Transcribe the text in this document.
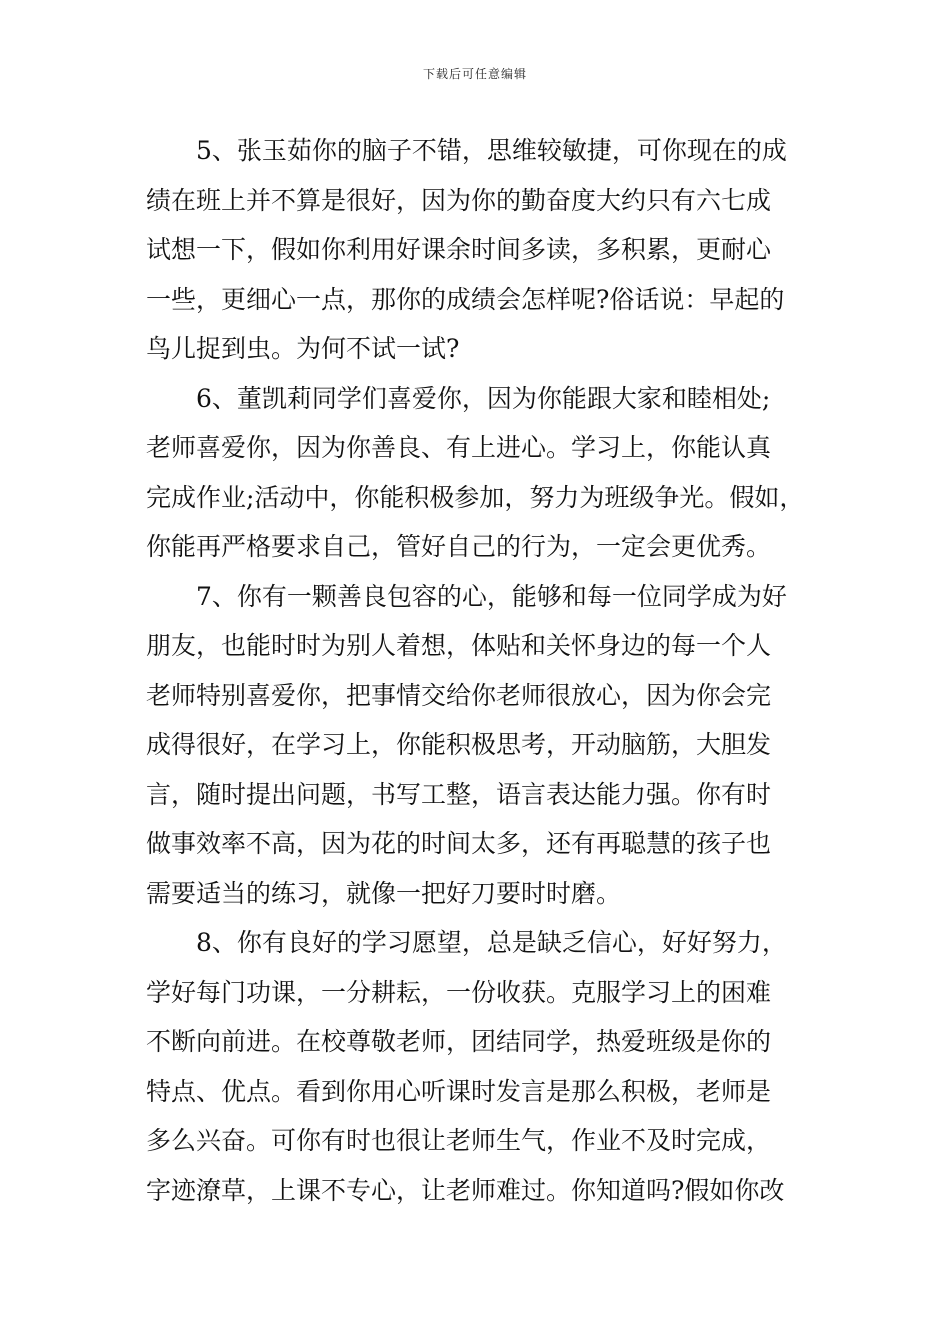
下载后可任意编辑
5、张玉茹你的脑子不错，思维较敏捷，可你现在的成
绩在班上并不算是很好，因为你的勤奋度大约只有六七成
试想一下，假如你利用好课余时间多读，多积累，更耐心
一些，更细心一点，那你的成绩会怎样呢?俗话说：早起的
鸟儿捉到虫。为何不试一试?
6、董凯莉同学们喜爱你，因为你能跟大家和睦相处;
老师喜爱你，因为你善良、有上进心。学习上，你能认真
完成作业;活动中，你能积极参加，努力为班级争光。假如，
你能再严格要求自己，管好自己的行为，一定会更优秀。
7、你有一颗善良包容的心，能够和每一位同学成为好
朋友，也能时时为别人着想，体贴和关怀身边的每一个人
老师特别喜爱你，把事情交给你老师很放心，因为你会完
成得很好，在学习上，你能积极思考，开动脑筋，大胆发
言，随时提出问题，书写工整，语言表达能力强。你有时
做事效率不高，因为花的时间太多，还有再聪慧的孩子也
需要适当的练习，就像一把好刀要时时磨。
8、你有良好的学习愿望，总是缺乏信心，好好努力，
学好每门功课，一分耕耘，一份收获。克服学习上的困难
不断向前进。在校尊敬老师，团结同学，热爱班级是你的
特点、优点。看到你用心听课时发言是那么积极，老师是
多么兴奋。可你有时也很让老师生气，作业不及时完成，
字迹潦草，上课不专心，让老师难过。你知道吗?假如你改
